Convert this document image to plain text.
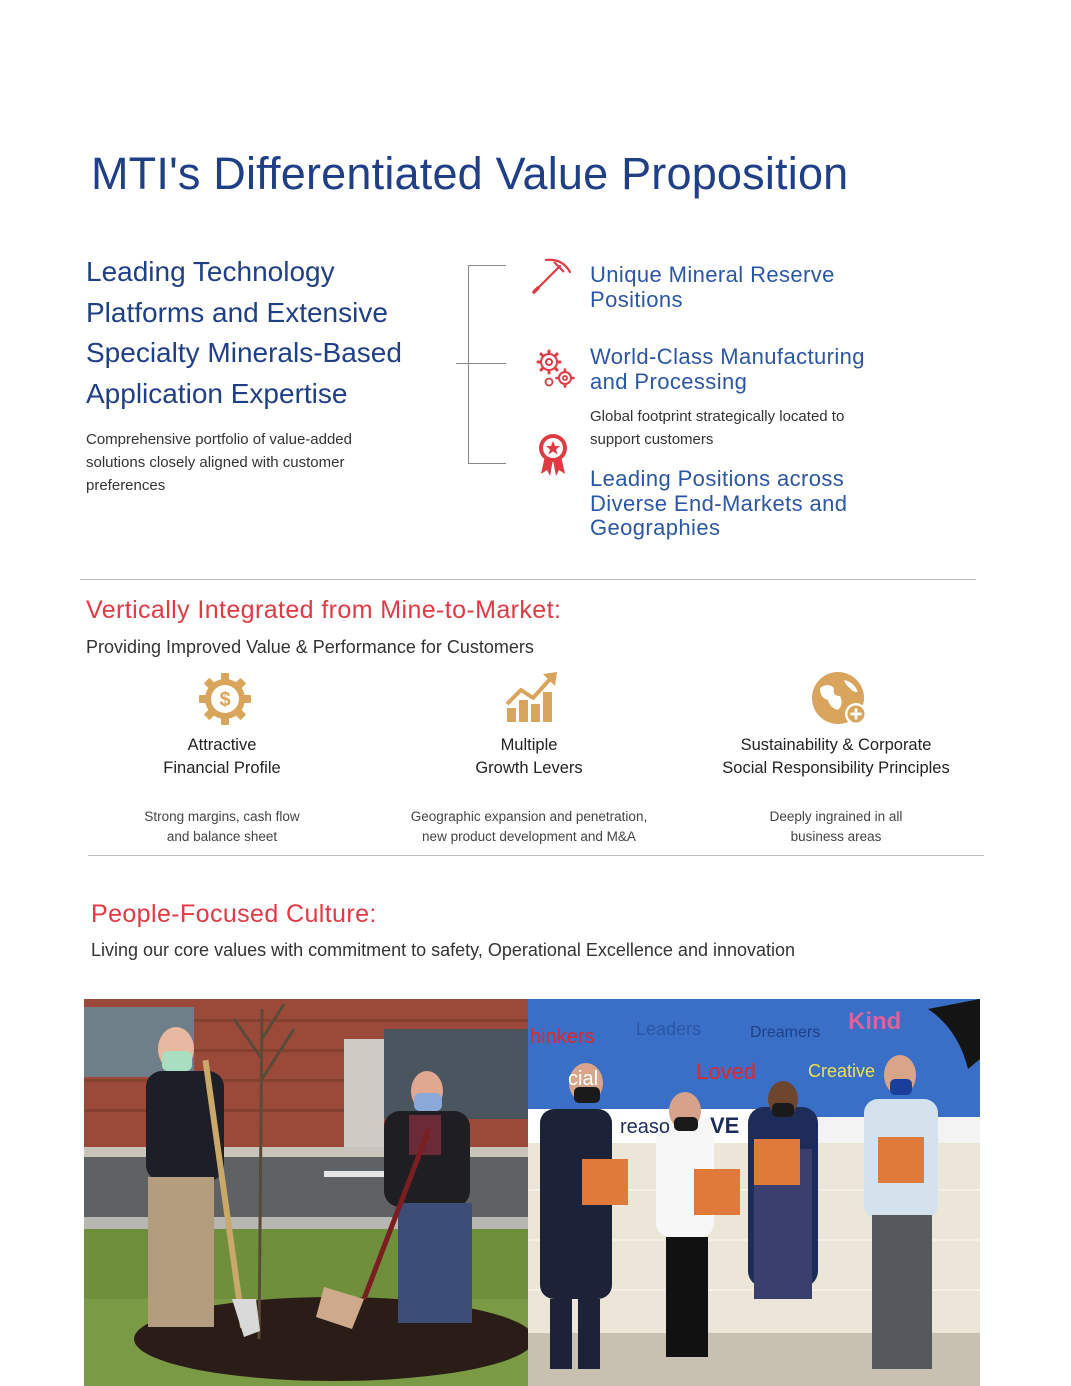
MTI's Differentiated Value Proposition
Leading Technology
Platforms and Extensive
Specialty Minerals-Based
Application Expertise
Comprehensive portfolio of value-added
solutions closely aligned with customer
preferences
Unique Mineral Reserve
Positions
World-Class Manufacturing
and Processing
Global footprint strategically located to
support customers
Leading Positions across
Diverse End-Markets and
Geographies
Vertically Integrated from Mine-to-Market:
Providing Improved Value & Performance for Customers
$
Attractive
Financial Profile
Strong margins, cash flow
and balance sheet
Multiple
Growth Levers
Geographic expansion and penetration,
new product development and M&A
Sustainability & Corporate
Social Responsibility Principles
Deeply ingrained in all
business areas
People-Focused Culture:
Living our core values with commitment to safety, Operational Excellence and innovation
hinkers Leaders	Dreamers Kind
cial	Loved	Creative
reaso VE re!
